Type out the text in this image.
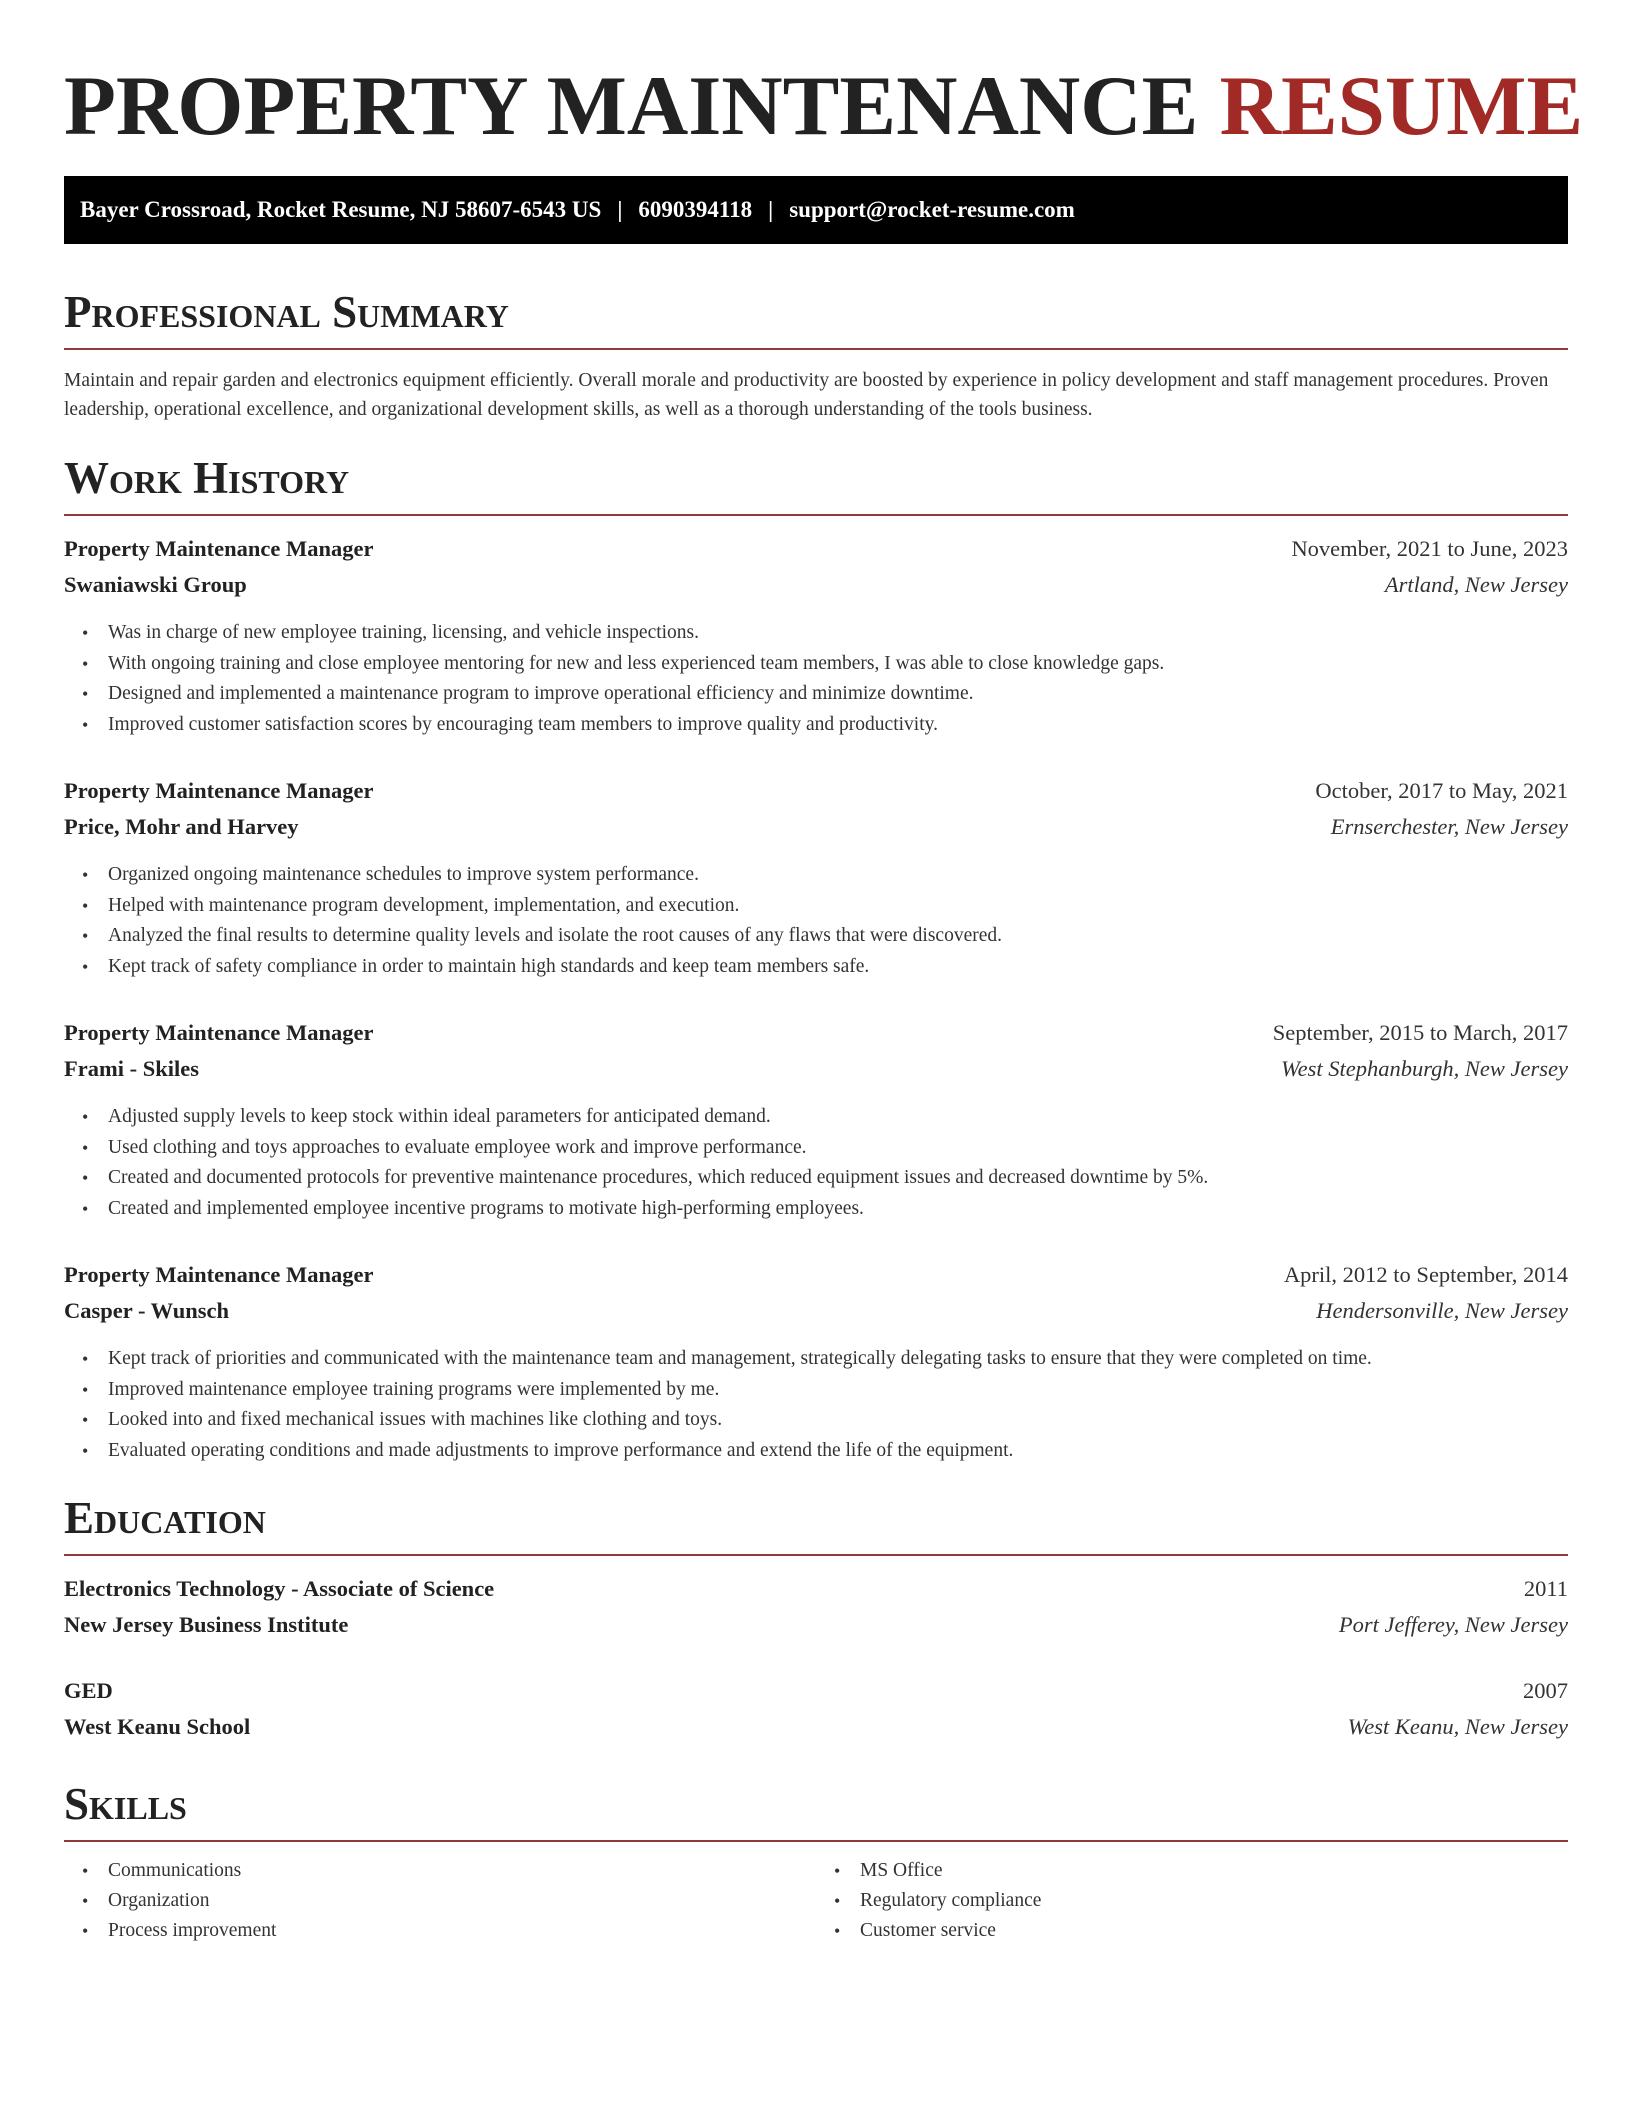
PROPERTY MAINTENANCE RESUME
Bayer Crossroad, Rocket Resume, NJ 58607-6543 US | 6090394118 | support@rocket-resume.com
Professional Summary
Maintain and repair garden and electronics equipment efficiently. Overall morale and productivity are boosted by experience in policy development and staff management procedures. Proven leadership, operational excellence, and organizational development skills, as well as a thorough understanding of the tools business.
Work History
Property Maintenance Manager	November, 2021 to June, 2023
Swaniawski Group	Artland, New Jersey
• Was in charge of new employee training, licensing, and vehicle inspections.
• With ongoing training and close employee mentoring for new and less experienced team members, I was able to close knowledge gaps.
• Designed and implemented a maintenance program to improve operational efficiency and minimize downtime.
• Improved customer satisfaction scores by encouraging team members to improve quality and productivity.
Property Maintenance Manager	October, 2017 to May, 2021
Price, Mohr and Harvey	Ernserchester, New Jersey
• Organized ongoing maintenance schedules to improve system performance.
• Helped with maintenance program development, implementation, and execution.
• Analyzed the final results to determine quality levels and isolate the root causes of any flaws that were discovered.
• Kept track of safety compliance in order to maintain high standards and keep team members safe.
Property Maintenance Manager	September, 2015 to March, 2017
Frami - Skiles	West Stephanburgh, New Jersey
• Adjusted supply levels to keep stock within ideal parameters for anticipated demand.
• Used clothing and toys approaches to evaluate employee work and improve performance.
• Created and documented protocols for preventive maintenance procedures, which reduced equipment issues and decreased downtime by 5%.
• Created and implemented employee incentive programs to motivate high-performing employees.
Property Maintenance Manager	April, 2012 to September, 2014
Casper - Wunsch	Hendersonville, New Jersey
• Kept track of priorities and communicated with the maintenance team and management, strategically delegating tasks to ensure that they were completed on time.
• Improved maintenance employee training programs were implemented by me.
• Looked into and fixed mechanical issues with machines like clothing and toys.
• Evaluated operating conditions and made adjustments to improve performance and extend the life of the equipment.
Education
Electronics Technology - Associate of Science	2011
New Jersey Business Institute	Port Jefferey, New Jersey
GED	2007
West Keanu School	West Keanu, New Jersey
Skills
• Communications
• Organization
• Process improvement
• MS Office
• Regulatory compliance
• Customer service
